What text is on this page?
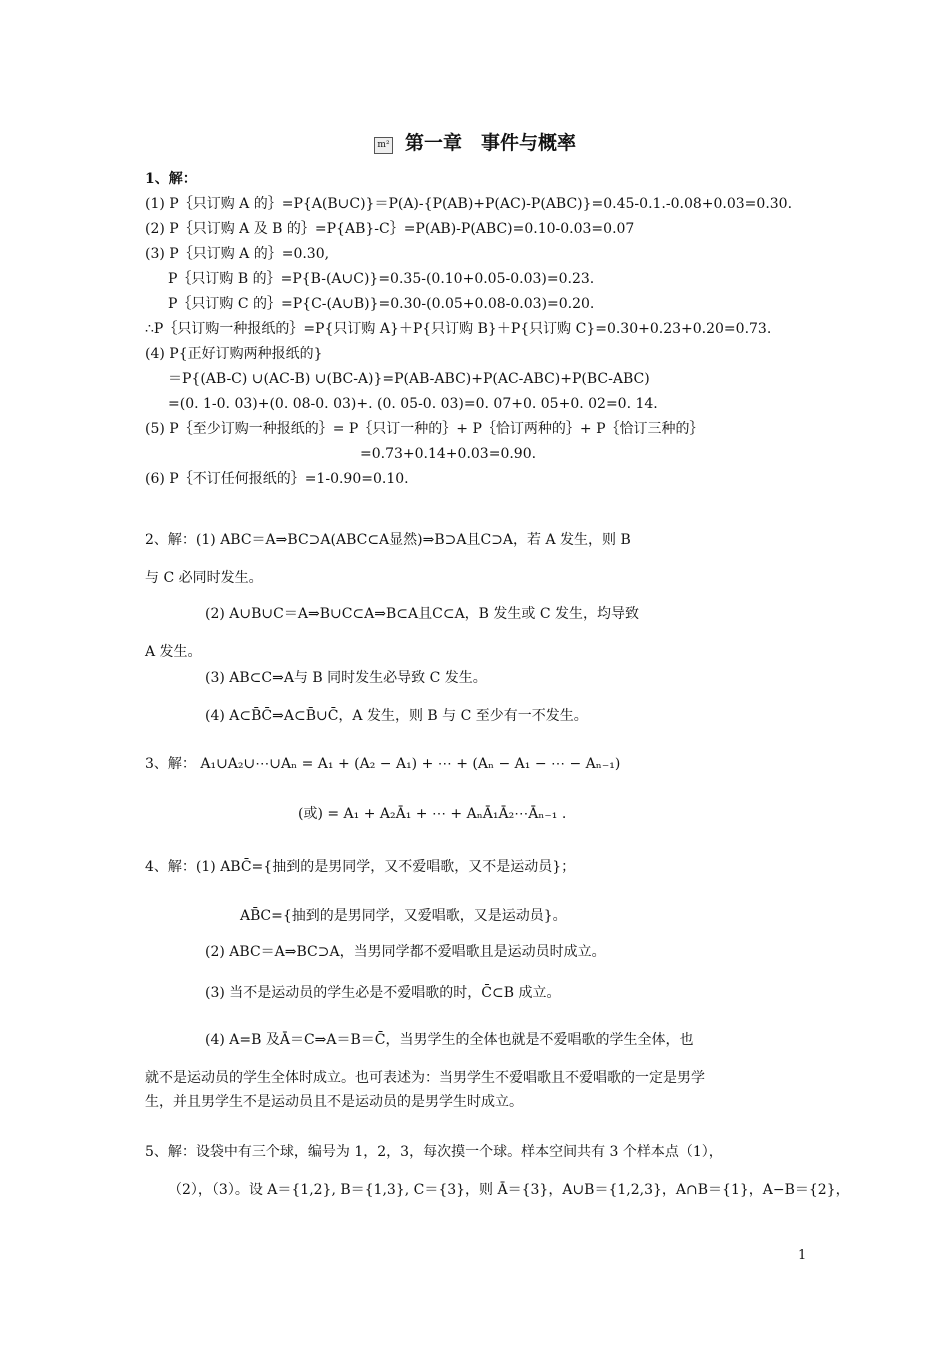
m² 第一章　事件与概率
1、解：
(1) P｛只订购 A 的｝=P{A(B∪C)}＝P(A)-{P(AB)+P(AC)-P(ABC)}=0.45-0.1.-0.08+0.03=0.30.
(2) P｛只订购 A 及 B 的｝=P{AB}-C｝=P(AB)-P(ABC)=0.10-0.03=0.07
(3) P｛只订购 A 的｝=0.30,
P｛只订购 B 的｝=P{B-(A∪C)}=0.35-(0.10+0.05-0.03)=0.23.
P｛只订购 C 的｝=P{C-(A∪B)}=0.30-(0.05+0.08-0.03)=0.20.
∴P｛只订购一种报纸的｝=P{只订购 A}＋P{只订购 B}＋P{只订购 C}=0.30+0.23+0.20=0.73.
(4) P{正好订购两种报纸的}
＝P{(AB-C) ∪(AC-B) ∪(BC-A)}=P(AB-ABC)+P(AC-ABC)+P(BC-ABC)
=(0. 1-0. 03)+(0. 08-0. 03)+. (0. 05-0. 03)=0. 07+0. 05+0. 02=0. 14.
(5) P｛至少订购一种报纸的｝= P｛只订一种的｝+ P｛恰订两种的｝+ P｛恰订三种的｝
=0.73+0.14+0.03=0.90.
(6) P｛不订任何报纸的｝=1-0.90=0.10.
2、解：(1) ABC＝A⇒BC⊃A(ABC⊂A显然)⇒B⊃A且C⊃A，若 A 发生，则 B
与 C 必同时发生。
(2) A∪B∪C＝A⇒B∪C⊂A⇒B⊂A且C⊂A，B 发生或 C 发生，均导致
A 发生。
(3) AB⊂C⇒A与 B 同时发生必导致 C 发生。
(4) A⊂B̄C̄⇒A⊂B̄∪C̄，A 发生，则 B 与 C 至少有一不发生。
3、解： A₁∪A₂∪⋯∪Aₙ = A₁ + (A₂ − A₁) + ⋯ + (Aₙ − A₁ − ⋯ − Aₙ₋₁)
(或) = A₁ + A₂Ā₁ + ⋯ + AₙĀ₁Ā₂⋯Āₙ₋₁ .
4、解：(1) ABC̄={抽到的是男同学，又不爱唱歌，又不是运动员}；
AB̄C={抽到的是男同学，又爱唱歌，又是运动员}。
(2) ABC＝A⇒BC⊃A，当男同学都不爱唱歌且是运动员时成立。
(3) 当不是运动员的学生必是不爱唱歌的时，C̄⊂B 成立。
(4) A=B 及Ā＝C⇒A＝B＝C̄，当男学生的全体也就是不爱唱歌的学生全体，也
就不是运动员的学生全体时成立。也可表述为：当男学生不爱唱歌且不爱唱歌的一定是男学
生，并且男学生不是运动员且不是运动员的是男学生时成立。
5、解：设袋中有三个球，编号为 1，2，3，每次摸一个球。样本空间共有 3 个样本点（1），
（2），（3）。设 A＝{1,2}, B＝{1,3}, C＝{3}，则 Ā＝{3}，A∪B＝{1,2,3}，A∩B＝{1}，A−B＝{2}，
1
